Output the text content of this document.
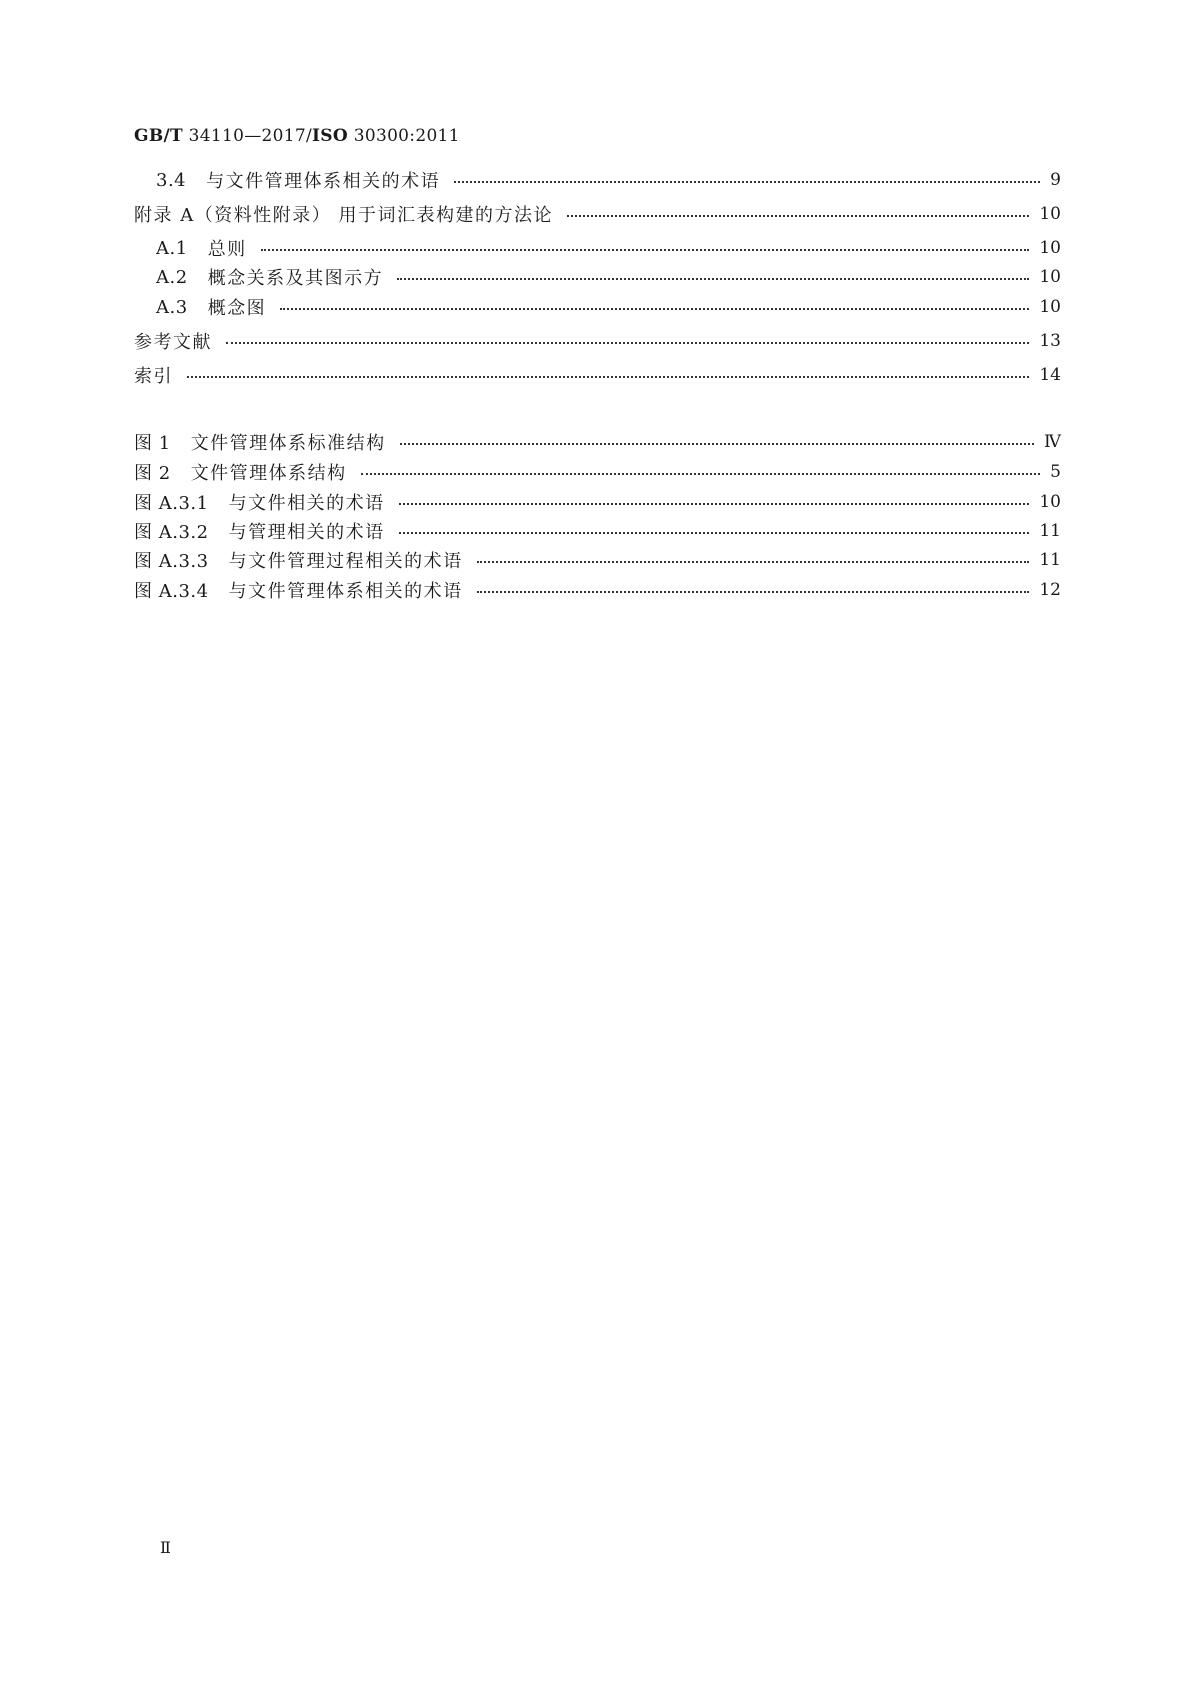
GB/T 34110—2017/ISO 30300:2011
3.4 与文件管理体系相关的术语	9
附录 A（资料性附录） 用于词汇表构建的方法论	10
A.1 总则	10
A.2 概念关系及其图示方	10
A.3 概念图	10
参考文献	13
索引	14
图 1 文件管理体系标准结构	Ⅳ
图 2 文件管理体系结构	5
图 A.3.1 与文件相关的术语	10
图 A.3.2 与管理相关的术语	11
图 A.3.3 与文件管理过程相关的术语	11
图 A.3.4 与文件管理体系相关的术语	12
Ⅱ
